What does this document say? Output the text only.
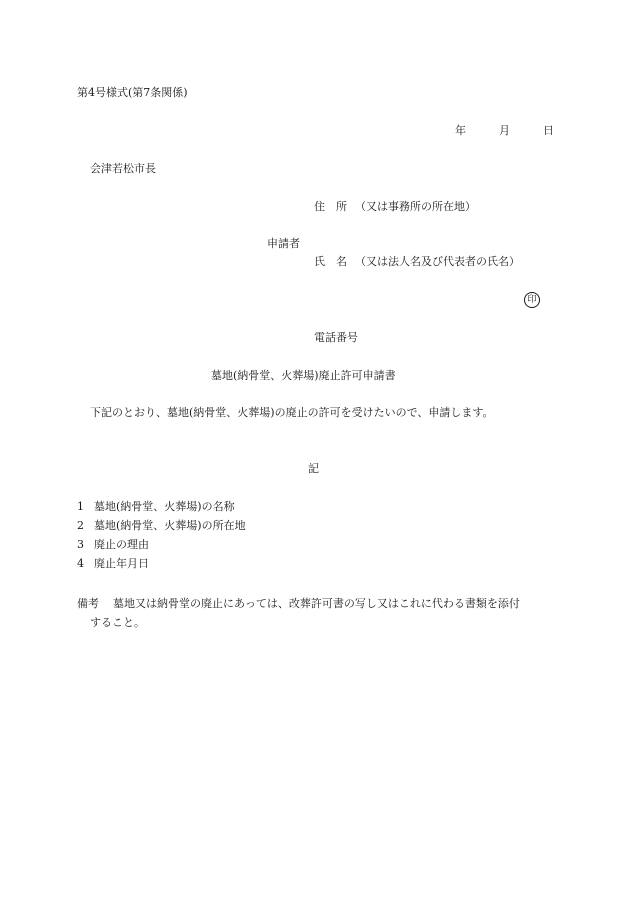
第4号様式(第7条関係)
年	月	日
会津若松市長
住　所 （又は事務所の所在地）
申請者
氏　名 （又は法人名及び代表者の氏名）
印
電話番号
墓地(納骨堂、火葬場)廃止許可申請書
下記のとおり、墓地(納骨堂、火葬場)の廃止の許可を受けたいので、申請します。
記
1 墓地(納骨堂、火葬場)の名称
2 墓地(納骨堂、火葬場)の所在地
3 廃止の理由
4 廃止年月日
備考 墓地又は納骨堂の廃止にあっては、改葬許可書の写し又はこれに代わる書類を添付
すること。
